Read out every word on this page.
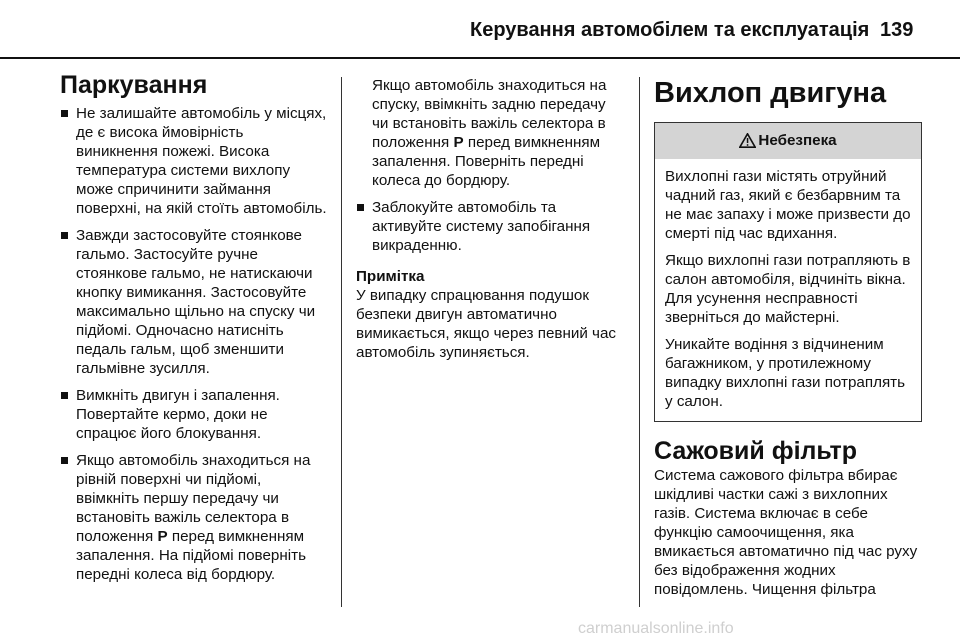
Керування автомобілем та експлуатація 139
Паркування
Не залишайте автомобіль у місцях, де є висока ймовірність виникнення пожежі. Висока температура системи вихлопу може спричинити займання поверхні, на якій стоїть автомобіль.
Завжди застосовуйте стоянкове гальмо. Застосуйте ручне стоянкове гальмо, не натискаючи кнопку вимикання. Застосовуйте максимально щільно на спуску чи підйомі. Одночасно натисніть педаль гальм, щоб зменшити гальмівне зусилля.
Вимкніть двигун і запалення. Повертайте кермо, доки не спрацює його блокування.
Якщо автомобіль знаходиться на рівній поверхні чи підйомі, ввімкніть першу передачу чи встановіть важіль селектора в положення P перед вимкненням запалення. На підйомі поверніть передні колеса від бордюру.

Якщо автомобіль знаходиться на спуску, ввімкніть задню передачу чи встановіть важіль селектора в положення P перед вимкненням запалення. Поверніть передні колеса до бордюру.

Заблокуйте автомобіль та активуйте систему запобігання викраденню.

Примітка

У випадку спрацювання подушок безпеки двигун автоматично вимикається, якщо через певний час автомобіль зупиняється.

Вихлоп двигуна
Небезпека

Вихлопні гази містять отруйний чадний газ, який є безбарвним та не має запаху і може призвести до смерті під час вдихання.

Якщо вихлопні гази потрапляють в салон автомобіля, відчиніть вікна. Для усунення несправності зверніться до майстерні.

Уникайте водіння з відчиненим багажником, у протилежному випадку вихлопні гази потраплять у салон.

Сажовий фільтр

Система сажового фільтра вбирає шкідливі частки сажі з вихлопних газів. Система включає в себе функцію самоочищення, яка вмикається автоматично під час руху без відображення жодних повідомлень. Чищення фільтра

carmanualsonline.info
